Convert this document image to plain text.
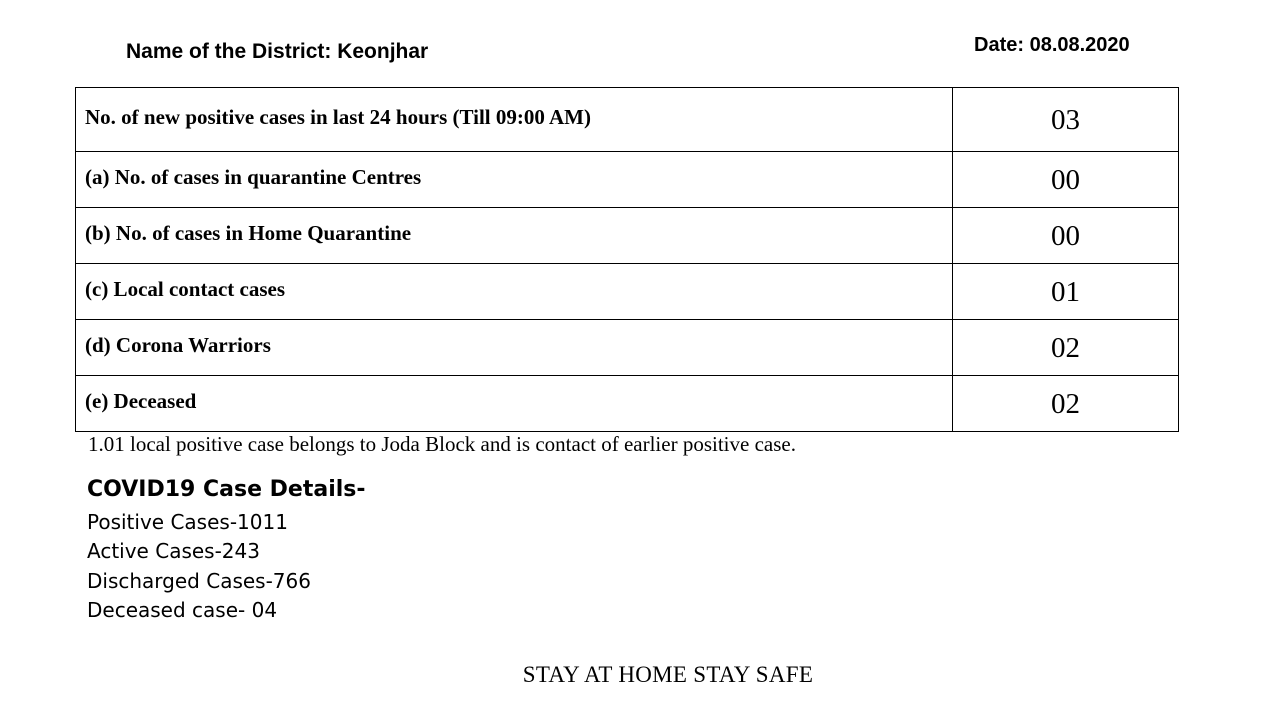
Name of the District: Keonjhar	Date: 08.08.2020
No. of new positive cases in last 24 hours (Till 09:00 AM)	03
(a) No. of cases in quarantine Centres	00
(b) No. of cases in Home Quarantine	00
(c) Local contact cases	01
(d) Corona Warriors	02
(e) Deceased	02
1.01 local positive case belongs to Joda Block and is contact of earlier positive case.
COVID19 Case Details-
Positive Cases-1011
Active Cases-243
Discharged Cases-766
Deceased case- 04
STAY AT HOME STAY SAFE
